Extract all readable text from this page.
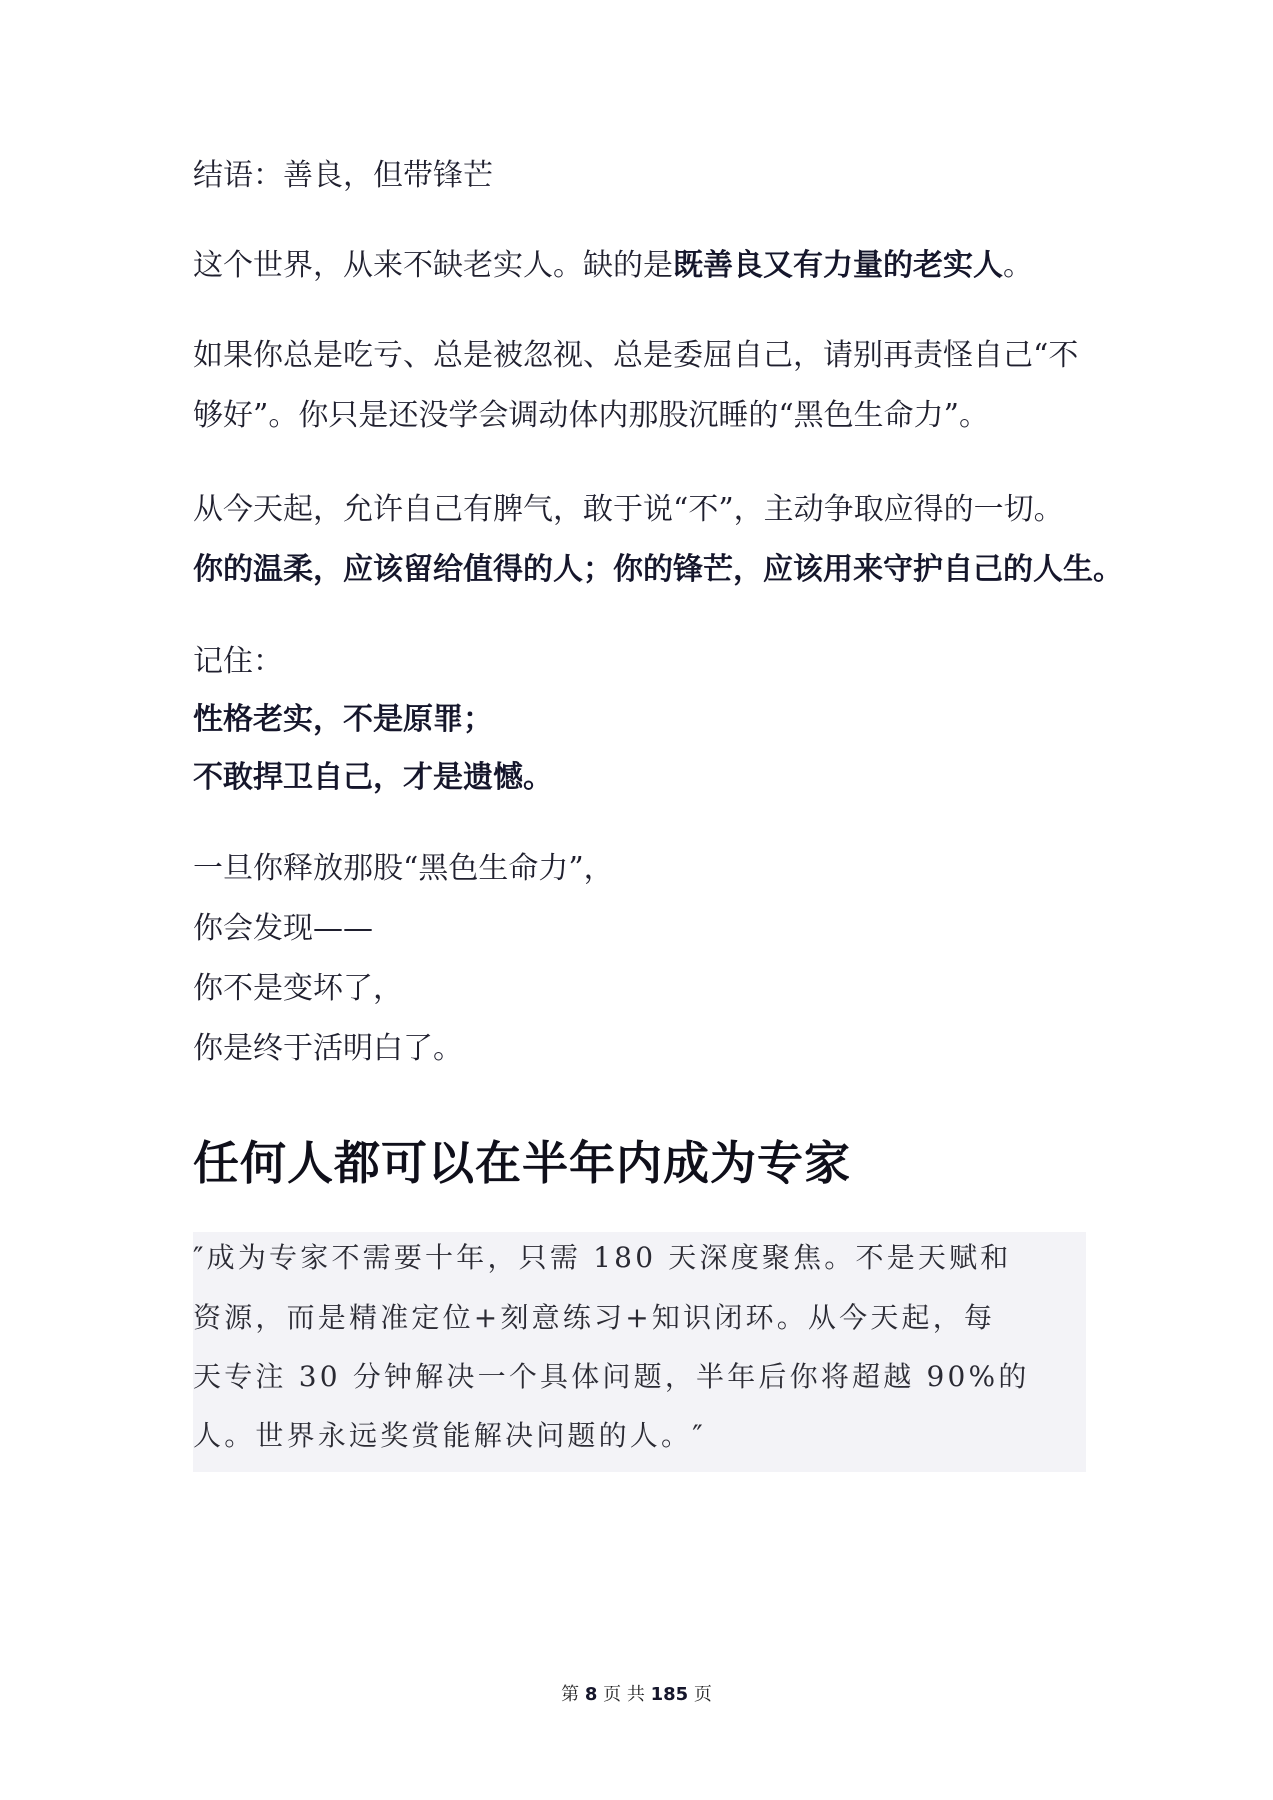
结语：善良，但带锋芒
这个世界，从来不缺老实人。缺的是既善良又有力量的老实人。
如果你总是吃亏、总是被忽视、总是委屈自己，请别再责怪自己“不
够好”。你只是还没学会调动体内那股沉睡的“黑色生命力”。
从今天起，允许自己有脾气，敢于说“不”，主动争取应得的一切。
你的温柔，应该留给值得的人；你的锋芒，应该用来守护自己的人生。
记住：
性格老实，不是原罪；
不敢捍卫自己，才是遗憾。
一旦你释放那股“黑色生命力”，
你会发现——
你不是变坏了，
你是终于活明白了。
任何人都可以在半年内成为专家
″成为专家不需要十年，只需 180 天深度聚焦。不是天赋和
资源，而是精准定位+刻意练习+知识闭环。从今天起，每
天专注 30 分钟解决一个具体问题，半年后你将超越 90%的
人。世界永远奖赏能解决问题的人。″
第 8 页 共 185 页
